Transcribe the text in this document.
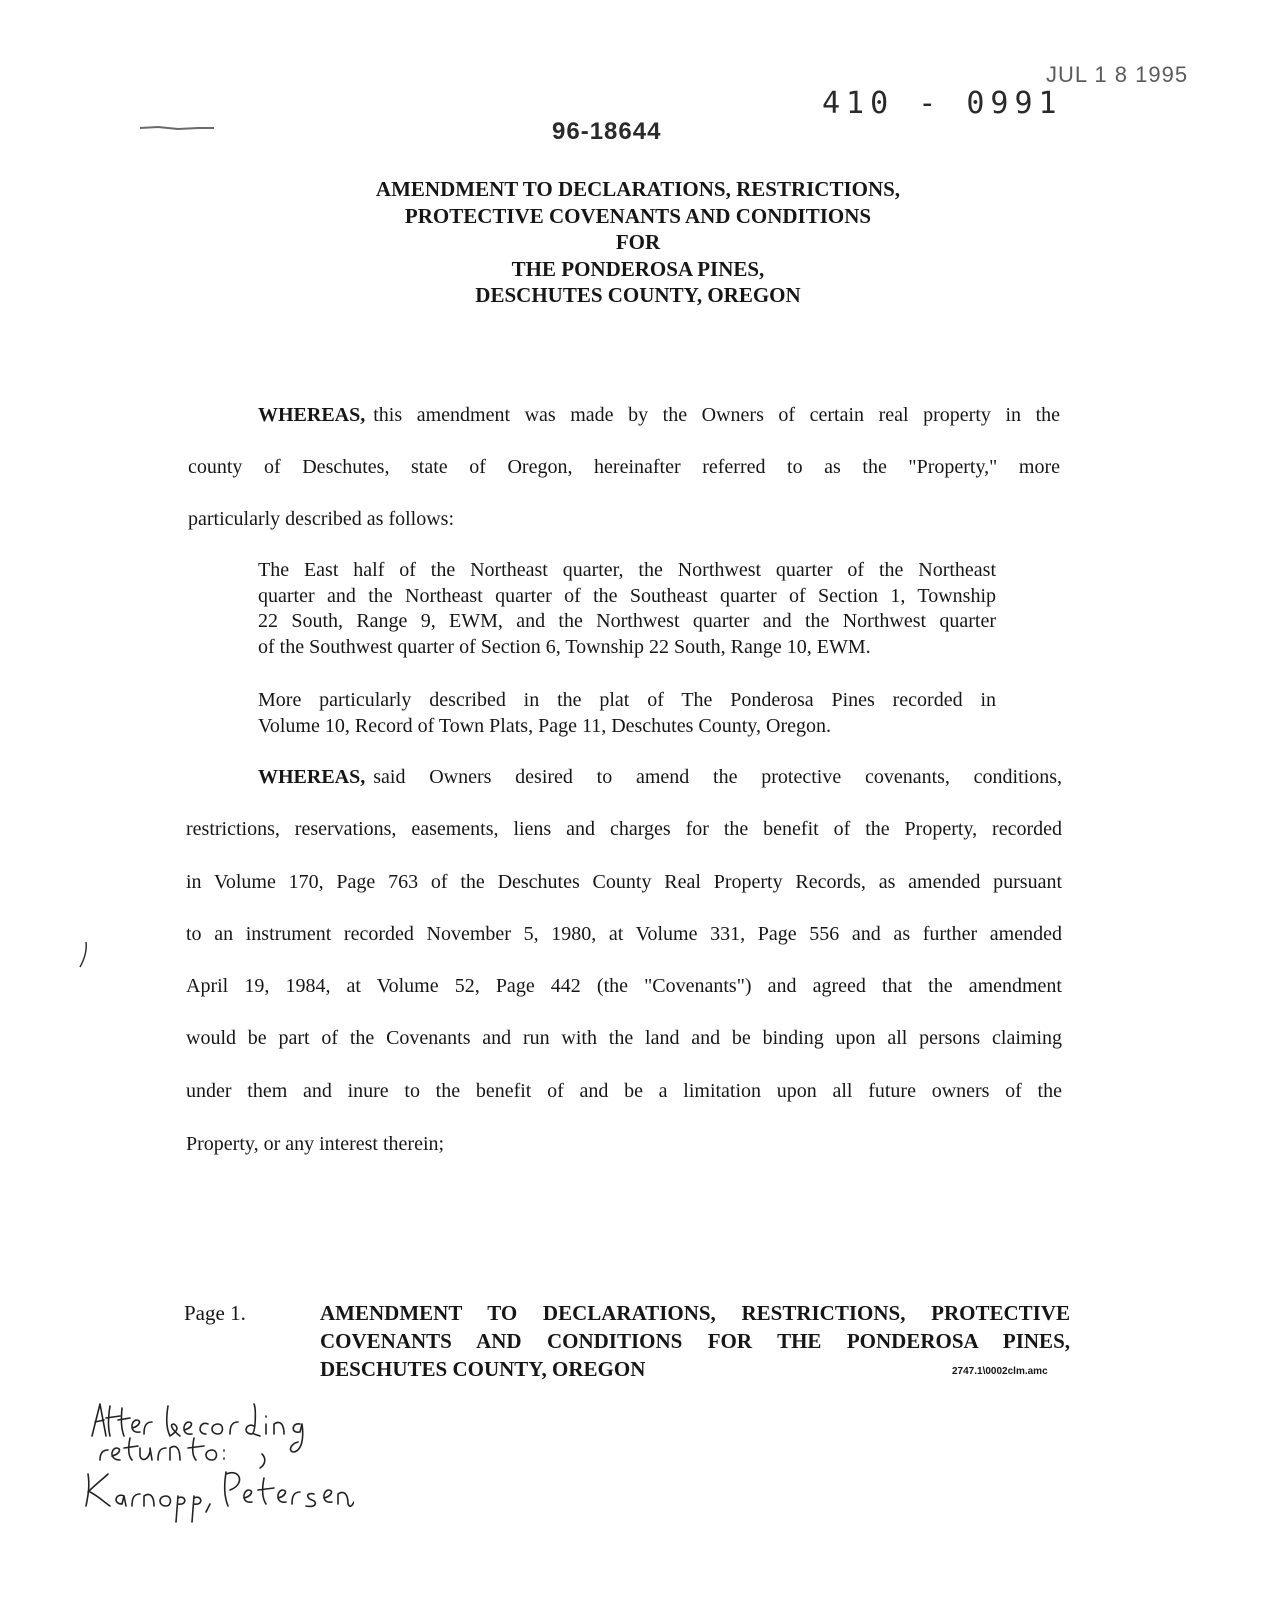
JUL 1 8 1995
410 - 0991
96-18644
AMENDMENT TO DECLARATIONS, RESTRICTIONS,
PROTECTIVE COVENANTS AND CONDITIONS
FOR
THE PONDEROSA PINES,
DESCHUTES COUNTY, OREGON
WHEREAS, this amendment was made by the Owners of certain real property in the
county of Deschutes, state of Oregon, hereinafter referred to as the "Property," more
particularly described as follows:
The East half of the Northeast quarter, the Northwest quarter of the Northeast
quarter and the Northeast quarter of the Southeast quarter of Section 1, Township
22 South, Range 9, EWM, and the Northwest quarter and the Northwest quarter
of the Southwest quarter of Section 6, Township 22 South, Range 10, EWM.
More particularly described in the plat of The Ponderosa Pines recorded in
Volume 10, Record of Town Plats, Page 11, Deschutes County, Oregon.
WHEREAS, said Owners desired to amend the protective covenants, conditions,
restrictions, reservations, easements, liens and charges for the benefit of the Property, recorded
in Volume 170, Page 763 of the Deschutes County Real Property Records, as amended pursuant
to an instrument recorded November 5, 1980, at Volume 331, Page 556 and as further amended
April 19, 1984, at Volume 52, Page 442 (the "Covenants") and agreed that the amendment
would be part of the Covenants and run with the land and be binding upon all persons claiming
under them and inure to the benefit of and be a limitation upon all future owners of the
Property, or any interest therein;
Page 1.	AMENDMENT TO DECLARATIONS, RESTRICTIONS, PROTECTIVE
COVENANTS AND CONDITIONS FOR THE PONDEROSA PINES,
DESCHUTES COUNTY, OREGON	2747.1\0002clm.amc
